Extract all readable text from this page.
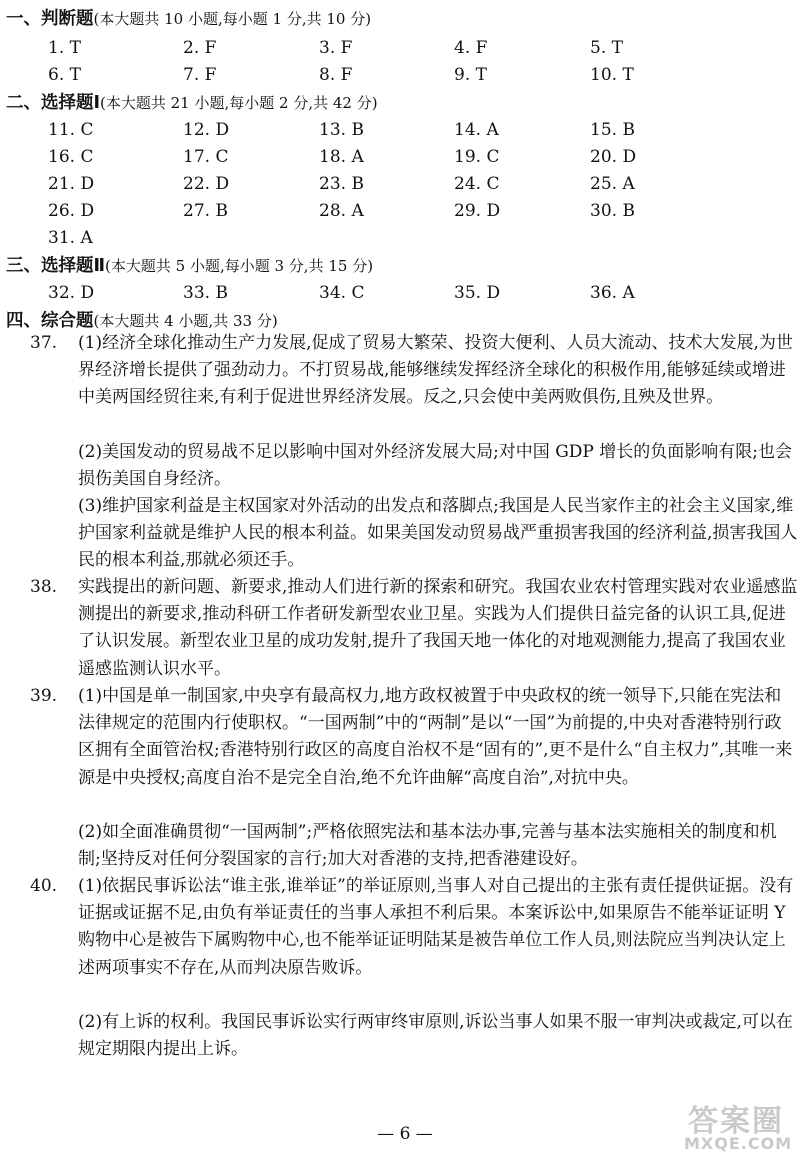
一、判断题(本大题共 10 小题,每小题 1 分,共 10 分)
1. T	2. F	3. F	4. F	5. T
6. T	7. F	8. F	9. T	10. T
二、选择题Ⅰ(本大题共 21 小题,每小题 2 分,共 42 分)
11. C	12. D	13. B	14. A	15. B
16. C	17. C	18. A	19. C	20. D
21. D	22. D	23. B	24. C	25. A
26. D	27. B	28. A	29. D	30. B
31. A
三、选择题Ⅱ(本大题共 5 小题,每小题 3 分,共 15 分)
32. D	33. B	34. C	35. D	36. A
四、综合题(本大题共 4 小题,共 33 分)
37. (1)经济全球化推动生产力发展,促成了贸易大繁荣、投资大便利、人员大流动、技术大发展,为世界经济增长提供了强劲动力。不打贸易战,能够继续发挥经济全球化的积极作用,能够延续或增进中美两国经贸往来,有利于促进世界经济发展。反之,只会使中美两败俱伤,且殃及世界。
(2)美国发动的贸易战不足以影响中国对外经济发展大局;对中国 GDP 增长的负面影响有限;也会损伤美国自身经济。
(3)维护国家利益是主权国家对外活动的出发点和落脚点;我国是人民当家作主的社会主义国家,维护国家利益就是维护人民的根本利益。如果美国发动贸易战严重损害我国的经济利益,损害我国人民的根本利益,那就必须还手。
38. 实践提出的新问题、新要求,推动人们进行新的探索和研究。我国农业农村管理实践对农业遥感监测提出的新要求,推动科研工作者研发新型农业卫星。实践为人们提供日益完备的认识工具,促进了认识发展。新型农业卫星的成功发射,提升了我国天地一体化的对地观测能力,提高了我国农业遥感监测认识水平。
39. (1)中国是单一制国家,中央享有最高权力,地方政权被置于中央政权的统一领导下,只能在宪法和法律规定的范围内行使职权。“一国两制”中的“两制”是以“一国”为前提的,中央对香港特别行政区拥有全面管治权;香港特别行政区的高度自治权不是“固有的”,更不是什么“自主权力”,其唯一来源是中央授权;高度自治不是完全自治,绝不允许曲解“高度自治”,对抗中央。
(2)如全面准确贯彻“一国两制”;严格依照宪法和基本法办事,完善与基本法实施相关的制度和机制;坚持反对任何分裂国家的言行;加大对香港的支持,把香港建设好。
40. (1)依据民事诉讼法“谁主张,谁举证”的举证原则,当事人对自己提出的主张有责任提供证据。没有证据或证据不足,由负有举证责任的当事人承担不利后果。本案诉讼中,如果原告不能举证证明 Y 购物中心是被告下属购物中心,也不能举证证明陆某是被告单位工作人员,则法院应当判决认定上述两项事实不存在,从而判决原告败诉。
(2)有上诉的权利。我国民事诉讼实行两审终审原则,诉讼当事人如果不服一审判决或裁定,可以在规定期限内提出上诉。
— 6 —	答案圈
MXQE.COM
